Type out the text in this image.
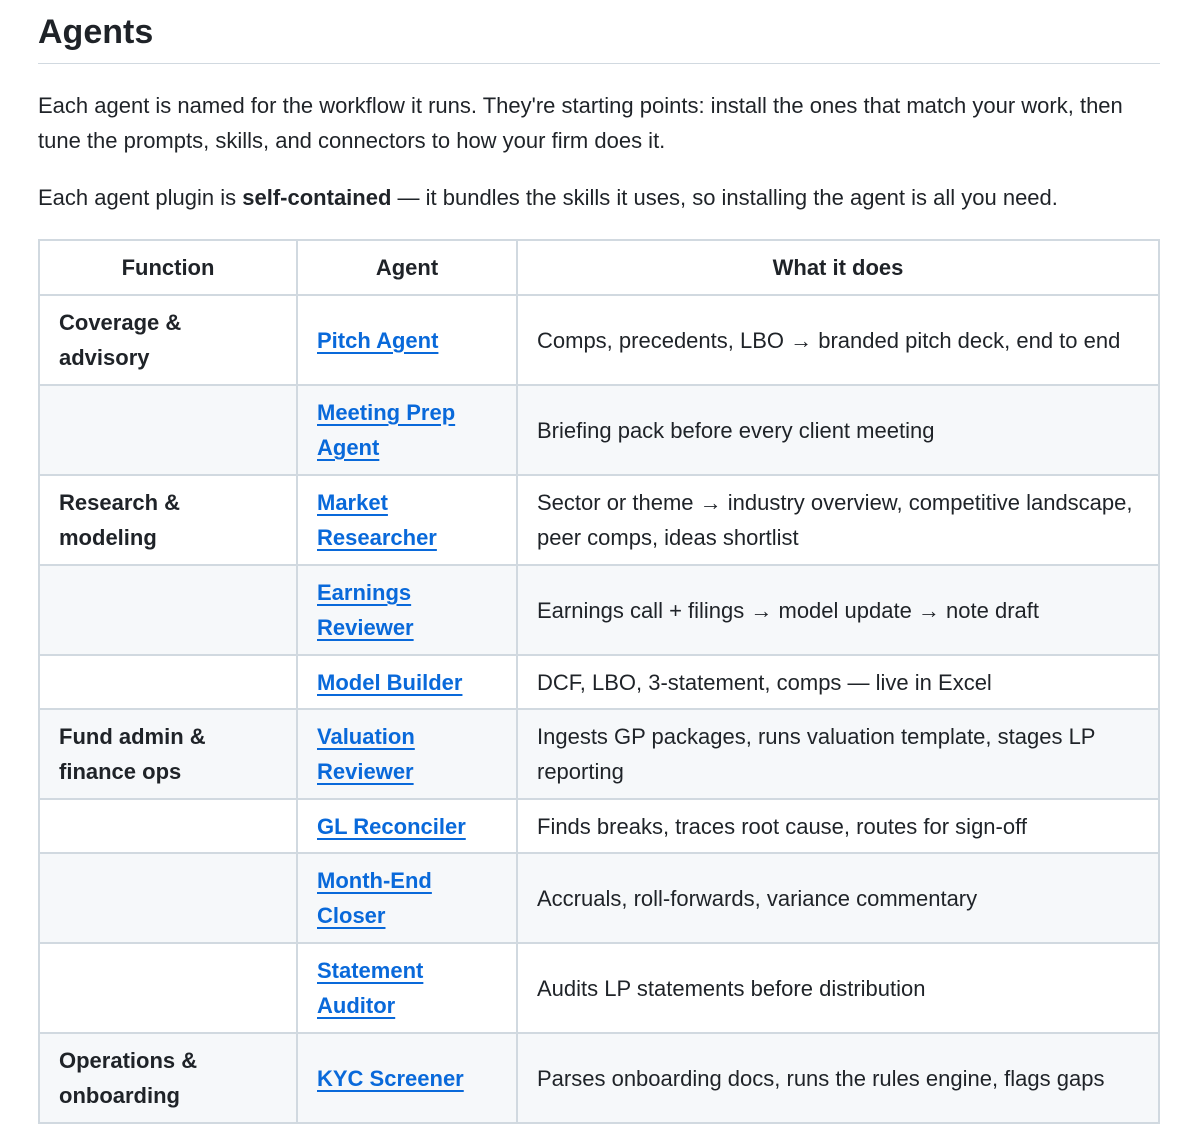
Agents

Each agent is named for the workflow it runs. They're starting points: install the ones that match your work, then tune the prompts, skills, and connectors to how your firm does it.

Each agent plugin is self-contained — it bundles the skills it uses, so installing the agent is all you need.

Function	Agent	What it does
Coverage & advisory	Pitch Agent	Comps, precedents, LBO → branded pitch deck, end to end
	Meeting Prep Agent	Briefing pack before every client meeting
Research & modeling	Market Researcher	Sector or theme → industry overview, competitive landscape, peer comps, ideas shortlist
	Earnings Reviewer	Earnings call + filings → model update → note draft
	Model Builder	DCF, LBO, 3-statement, comps — live in Excel
Fund admin & finance ops	Valuation Reviewer	Ingests GP packages, runs valuation template, stages LP reporting
	GL Reconciler	Finds breaks, traces root cause, routes for sign-off
	Month-End Closer	Accruals, roll-forwards, variance commentary
	Statement Auditor	Audits LP statements before distribution
Operations & onboarding	KYC Screener	Parses onboarding docs, runs the rules engine, flags gaps
